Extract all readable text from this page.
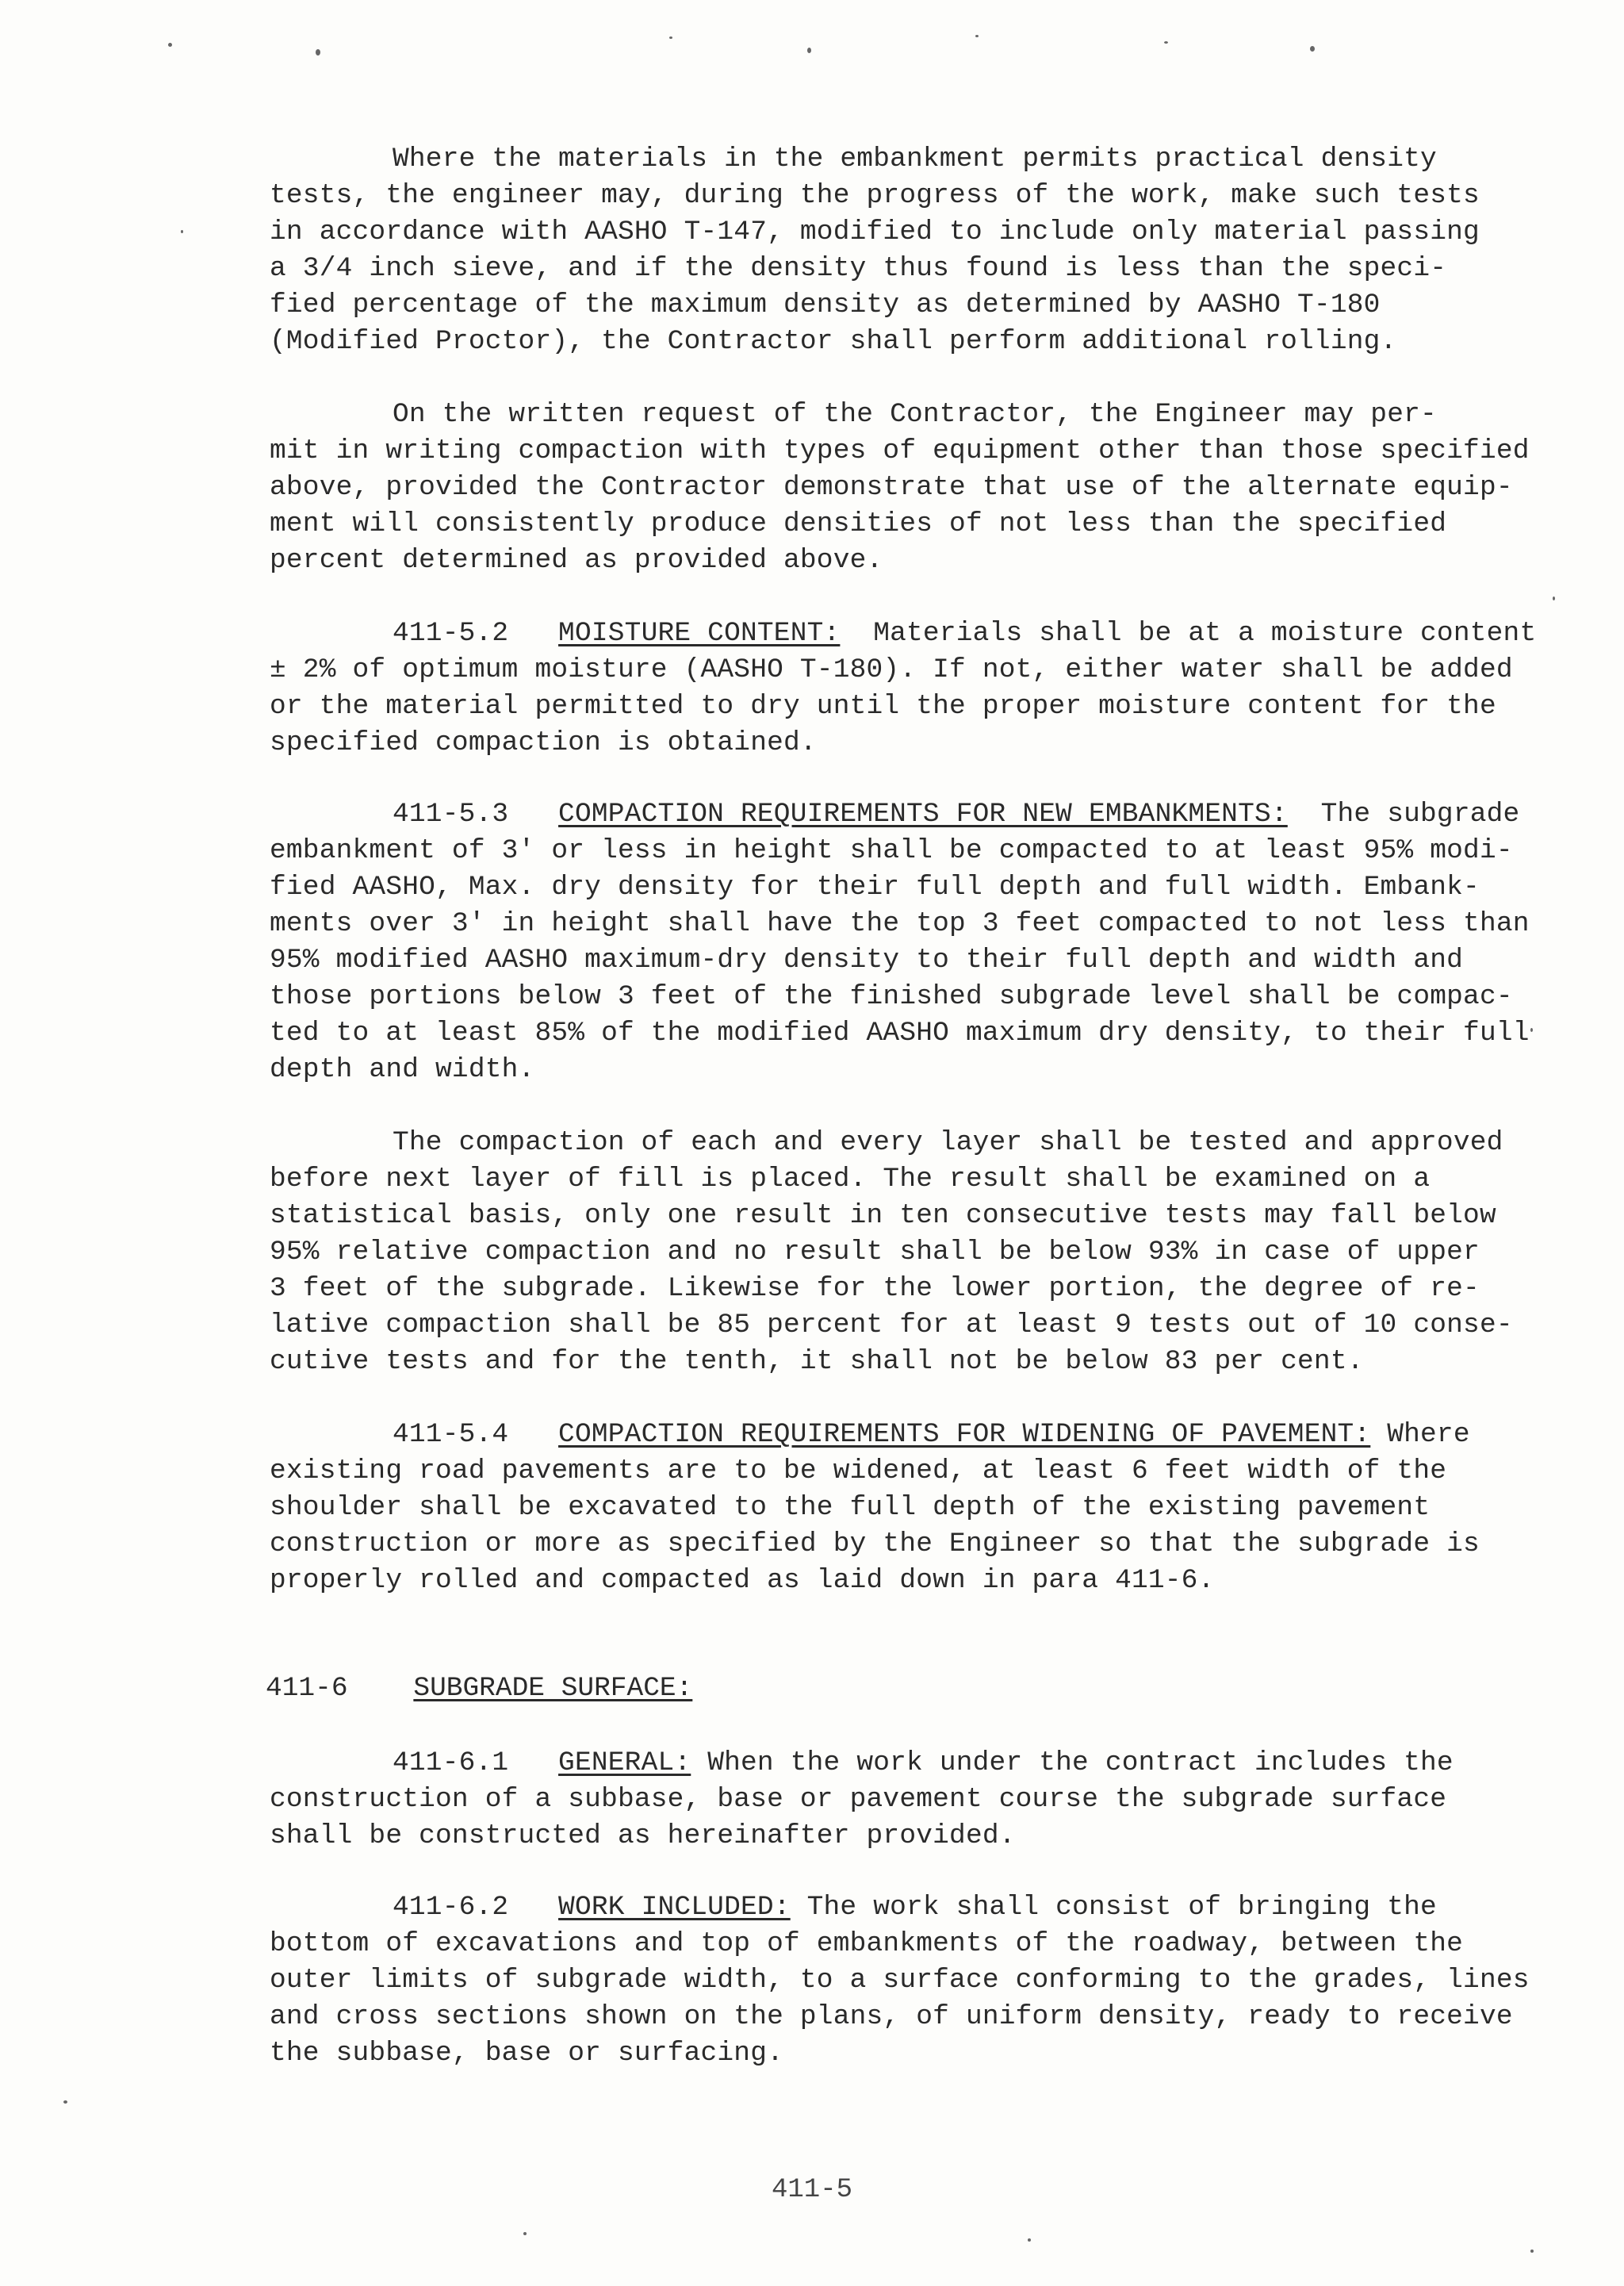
Where the materials in the embankment permits practical density
tests, the engineer may, during the progress of the work, make such tests
in accordance with AASHO T-147, modified to include only material passing
a 3/4 inch sieve, and if the density thus found is less than the speci-
fied percentage of the maximum density as determined by AASHO T-180
(Modified Proctor), the Contractor shall perform additional rolling.
On the written request of the Contractor, the Engineer may per-
mit in writing compaction with types of equipment other than those specified
above, provided the Contractor demonstrate that use of the alternate equip-
ment will consistently produce densities of not less than the specified
percent determined as provided above.
411-5.2 MOISTURE CONTENT: Materials shall be at a moisture content
± 2% of optimum moisture (AASHO T-180). If not, either water shall be added
or the material permitted to dry until the proper moisture content for the
specified compaction is obtained.
411-5.3 COMPACTION REQUIREMENTS FOR NEW EMBANKMENTS: The subgrade
embankment of 3' or less in height shall be compacted to at least 95% modi-
fied AASHO, Max. dry density for their full depth and full width. Embank-
ments over 3' in height shall have the top 3 feet compacted to not less than
95% modified AASHO maximum-dry density to their full depth and width and
those portions below 3 feet of the finished subgrade level shall be compac-
ted to at least 85% of the modified AASHO maximum dry density, to their full
depth and width.
The compaction of each and every layer shall be tested and approved
before next layer of fill is placed. The result shall be examined on a
statistical basis, only one result in ten consecutive tests may fall below
95% relative compaction and no result shall be below 93% in case of upper
3 feet of the subgrade. Likewise for the lower portion, the degree of re-
lative compaction shall be 85 percent for at least 9 tests out of 10 conse-
cutive tests and for the tenth, it shall not be below 83 per cent.
411-5.4 COMPACTION REQUIREMENTS FOR WIDENING OF PAVEMENT: Where
existing road pavements are to be widened, at least 6 feet width of the
shoulder shall be excavated to the full depth of the existing pavement
construction or more as specified by the Engineer so that the subgrade is
properly rolled and compacted as laid down in para 411-6.
411-6 SUBGRADE SURFACE:
411-6.1 GENERAL: When the work under the contract includes the
construction of a subbase, base or pavement course the subgrade surface
shall be constructed as hereinafter provided.
411-6.2 WORK INCLUDED: The work shall consist of bringing the
bottom of excavations and top of embankments of the roadway, between the
outer limits of subgrade width, to a surface conforming to the grades, lines
and cross sections shown on the plans, of uniform density, ready to receive
the subbase, base or surfacing.
411-5
